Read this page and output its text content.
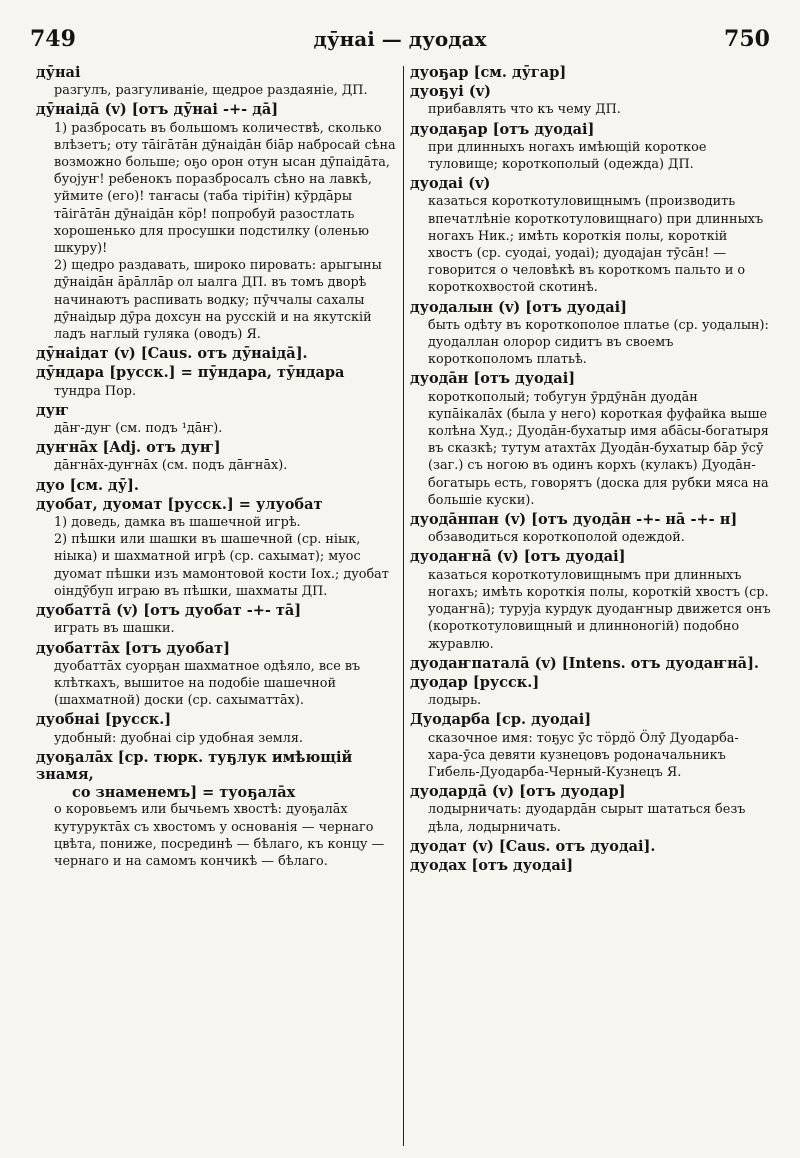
749	дӯнаі — дуодах	750
дӯнаі
разгулъ, разгуливаніе, щедрое раздаяніе, ДП.
дӯнаідā (v) [отъ дӯнаі -+- дā]
1) разбросать въ большомъ количествѣ, сколько влѣзетъ; оту тāігāтāн дӯнаідāн біāр набросай сѣна возможно больше; оҕо орон отун ысан дӯпаідāта, буојуҥ! ребенокъ поразбросалъ сѣно на лавкѣ, уймите (его)! таҥасы (таба тіріт̄ін) кӯрдāры тāігāтāн дӯнаідāн кӧр! попробуй разостлать хорошенько для просушки подстилку (оленью шкуру)!
2) щедро раздавать, широко пировать: арыгыны дӯнаідāн āрāллāр ол ыалга ДП. въ томъ дворѣ начинаютъ распивать водку; пӯччалы сахалы дӯнаідыр дӯра дохсун на русскій и на якутскій ладъ наглый гуляка (оводъ) Я.
дӯнаідат (v) [Caus. отъ дӯнаідā].
дӯндара [русск.] = пӯндара, тӯндара
тундра Пор.
дуҥ
дāҥ-дуҥ (см. подъ ¹дāҥ).
дуҥнāх [Adj. отъ дуҥ]
дāҥнāх-дуҥнāх (см. подъ дāҥнāх).
дуо [см. дӯ].
дуобат, дуомат [русск.] = улуобат
1) доведь, дамка въ шашечной игрѣ.
2) пѣшки или шашки въ шашечной (ср. ніык, ніыка) и шахматной игрѣ (ср. сахымат); муос дуомат пѣшки изъ мамонтовой кости Іох.; дуобат оіндӯбуп играю въ пѣшки, шахматы ДП.
дуобаттā (v) [отъ дуобат -+- тā]
играть въ шашки.
дуобаттāх [отъ дуобат]
дуобаттāх суорҕан шахматное одѣяло, все въ клѣткахъ, вышитое на подобіе шашечной (шахматной) доски (ср. сахыматтāх).
дуобнаі [русск.]
удобный: дуобнаі сір удобная земля.
дуоҕалāх [ср. тюрк. туҕлук имѣющій знамя,
со знаменемъ] = туоҕалāх
о коровьемъ или бычьемъ хвостѣ: дуоҕалāх кутуруктāх съ хвостомъ у основанія — чернаго цвѣта, пониже, посрединѣ — бѣлаго, къ концу — чернаго и на самомъ кончикѣ — бѣлаго.
дуоҕар [см. дӯгар]
дуоҕуі (v)
прибавлять что къ чему ДП.
дуодаҕар [отъ дуодаі]
при длинныхъ ногахъ имѣющій короткое туловище; короткополый (одежда) ДП.
дуодаі (v)
казаться короткотуловищнымъ (производить впечатлѣніе короткотуловищнаго) при длинныхъ ногахъ Ник.; имѣть короткія полы, короткій хвостъ (ср. суодаі, уодаі); дуодаjан тӯсāн! — говорится о человѣкѣ въ короткомъ пальто и о короткохвостой скотинѣ.
дуодалын (v) [отъ дуодаі]
быть одѣту въ короткополое платье (ср. уодалын): дуодаллан олорор сидитъ въ своемъ короткополомъ платьѣ.
дуодāн [отъ дуодаі]
короткополый; тобугун ӯрдӯнāн дуодāн купāікалāх (была у него) короткая фуфайка выше колѣна Худ.; Дуодāн-бухатыр имя абāсы-богатыря въ сказкѣ; тутум атахтāх Дуодāн-бухатыр бāр ӯсӯ (заг.) съ ногою въ одинъ корхъ (кулакъ) Дуодāн-богатырь есть, говорятъ (доска для рубки мяса на большіе куски).
дуодāнпан (v) [отъ дуодāн -+- нā -+- н]
обзаводиться короткополой одеждой.
дуодаҥнā (v) [отъ дуодаі]
казаться короткотуловищнымъ при длинныхъ ногахъ; имѣть короткія полы, короткій хвостъ (ср. уодаҥнā); туруjа курдук дуодаҥныр движется онъ (короткотуловищный и длинноногій) подобно журавлю.
дуодаҥпаталā (v) [Intens. отъ дуодаҥнā].
дуодар [русск.]
лодырь.
Дуодарба [ср. дуодаі]
сказочное имя: тоҕус ӯс тӧрдӧ Ӧлӯ Дуодарба-хара-ӯса девяти кузнецовъ родоначальникъ Гибель-Дуодарба-Черный-Кузнецъ Я.
дуодардā (v) [отъ дуодар]
лодырничать: дуодардāн сырыт шататься безъ дѣла, лодырничать.
дуодат (v) [Caus. отъ дуодаі].
дуодах [отъ дуодаі]
